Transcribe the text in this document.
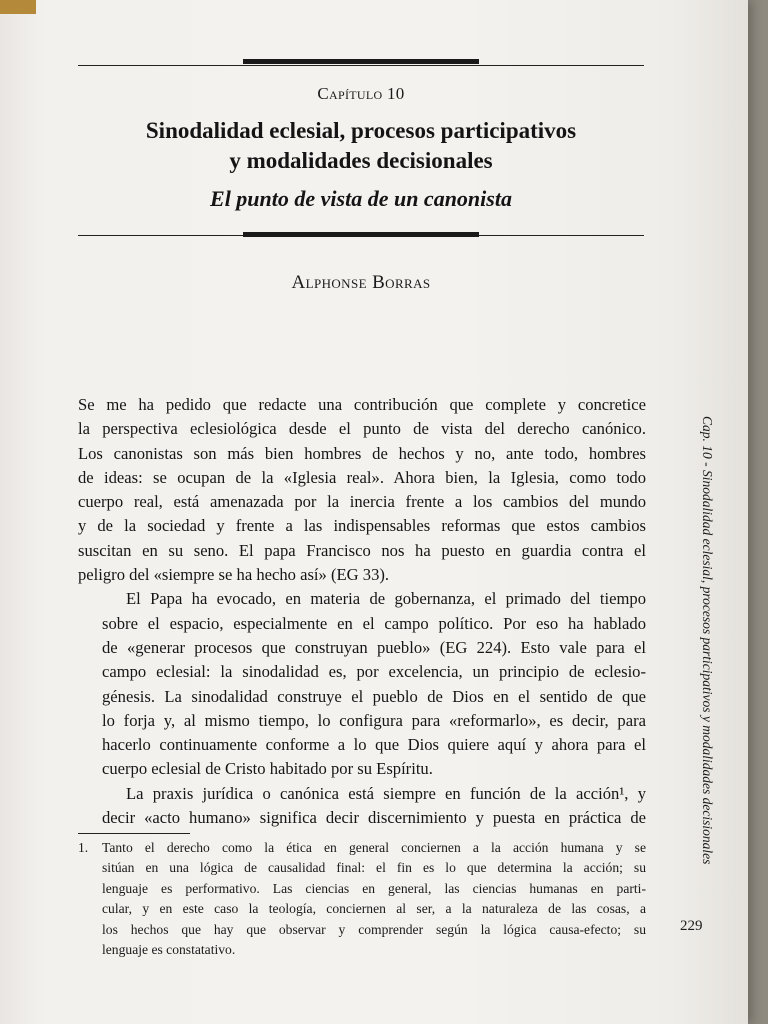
Capítulo 10
Sinodalidad eclesial, procesos participativos
y modalidades decisionales
El punto de vista de un canonista
Alphonse Borras

Se me ha pedido que redacte una contribución que complete y concretice
la perspectiva eclesiológica desde el punto de vista del derecho canónico.
Los canonistas son más bien hombres de hechos y no, ante todo, hombres
de ideas: se ocupan de la «Iglesia real». Ahora bien, la Iglesia, como todo
cuerpo real, está amenazada por la inercia frente a los cambios del mundo
y de la sociedad y frente a las indispensables reformas que estos cambios
suscitan en su seno. El papa Francisco nos ha puesto en guardia contra el
peligro del «siempre se ha hecho así» (EG 33).

El Papa ha evocado, en materia de gobernanza, el primado del tiempo
sobre el espacio, especialmente en el campo político. Por eso ha hablado
de «generar procesos que construyan pueblo» (EG 224). Esto vale para el
campo eclesial: la sinodalidad es, por excelencia, un principio de eclesio-
génesis. La sinodalidad construye el pueblo de Dios en el sentido de que
lo forja y, al mismo tiempo, lo configura para «reformarlo», es decir, para
hacerlo continuamente conforme a lo que Dios quiere aquí y ahora para el
cuerpo eclesial de Cristo habitado por su Espíritu.

La praxis jurídica o canónica está siempre en función de la acción¹, y
decir «acto humano» significa decir discernimiento y puesta en práctica de

1. Tanto el derecho como la ética en general conciernen a la acción humana y se
sitúan en una lógica de causalidad final: el fin es lo que determina la acción; su
lenguaje es performativo. Las ciencias en general, las ciencias humanas en parti-
cular, y en este caso la teología, conciernen al ser, a la naturaleza de las cosas, a
los hechos que hay que observar y comprender según la lógica causa-efecto; su
lenguaje es constatativo.
Cap. 10 - Sinodalidad eclesial, procesos participativos y modalidades decisionales
229
